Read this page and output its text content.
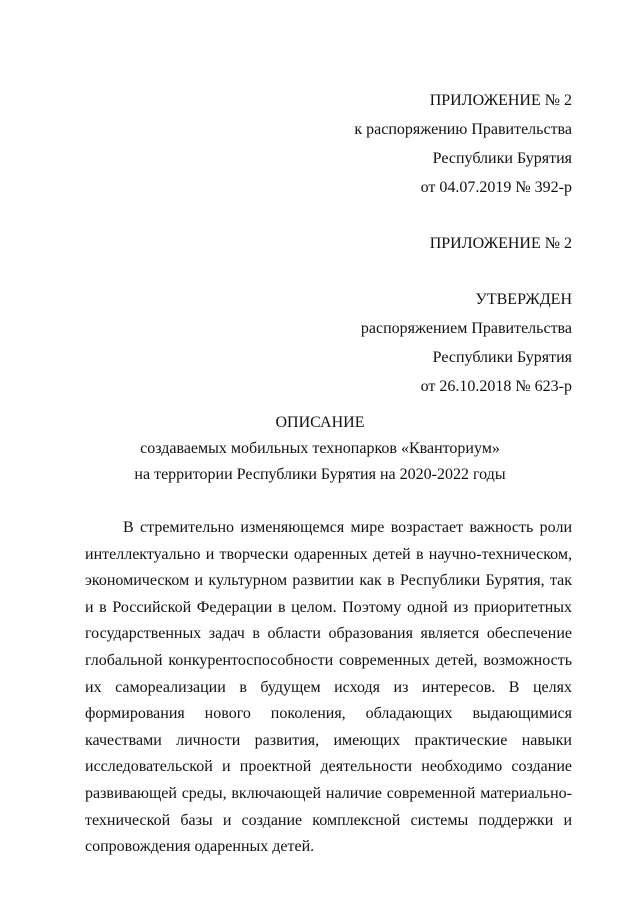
ПРИЛОЖЕНИЕ № 2
к распоряжению Правительства
Республики Бурятия
от 04.07.2019 № 392-р
ПРИЛОЖЕНИЕ № 2
УТВЕРЖДЕН
распоряжением Правительства
Республики Бурятия
от 26.10.2018 № 623-р
ОПИСАНИЕ
создаваемых мобильных технопарков «Кванториум»
на территории Республики Бурятия на 2020-2022 годы

В стремительно изменяющемся мире возрастает важность роли интеллектуально и творчески одаренных детей в научно-техническом, экономическом и культурном развитии как в Республики Бурятия, так и в Российской Федерации в целом. Поэтому одной из приоритетных государственных задач в области образования является обеспечение глобальной конкурентоспособности современных детей, возможность их самореализации в будущем исходя из интересов. В целях формирования нового поколения, обладающих выдающимися качествами личности развития, имеющих практические навыки исследовательской и проектной деятельности необходимо создание развивающей среды, включающей наличие современной материально-технической базы и создание комплексной системы поддержки и сопровождения одаренных детей.
